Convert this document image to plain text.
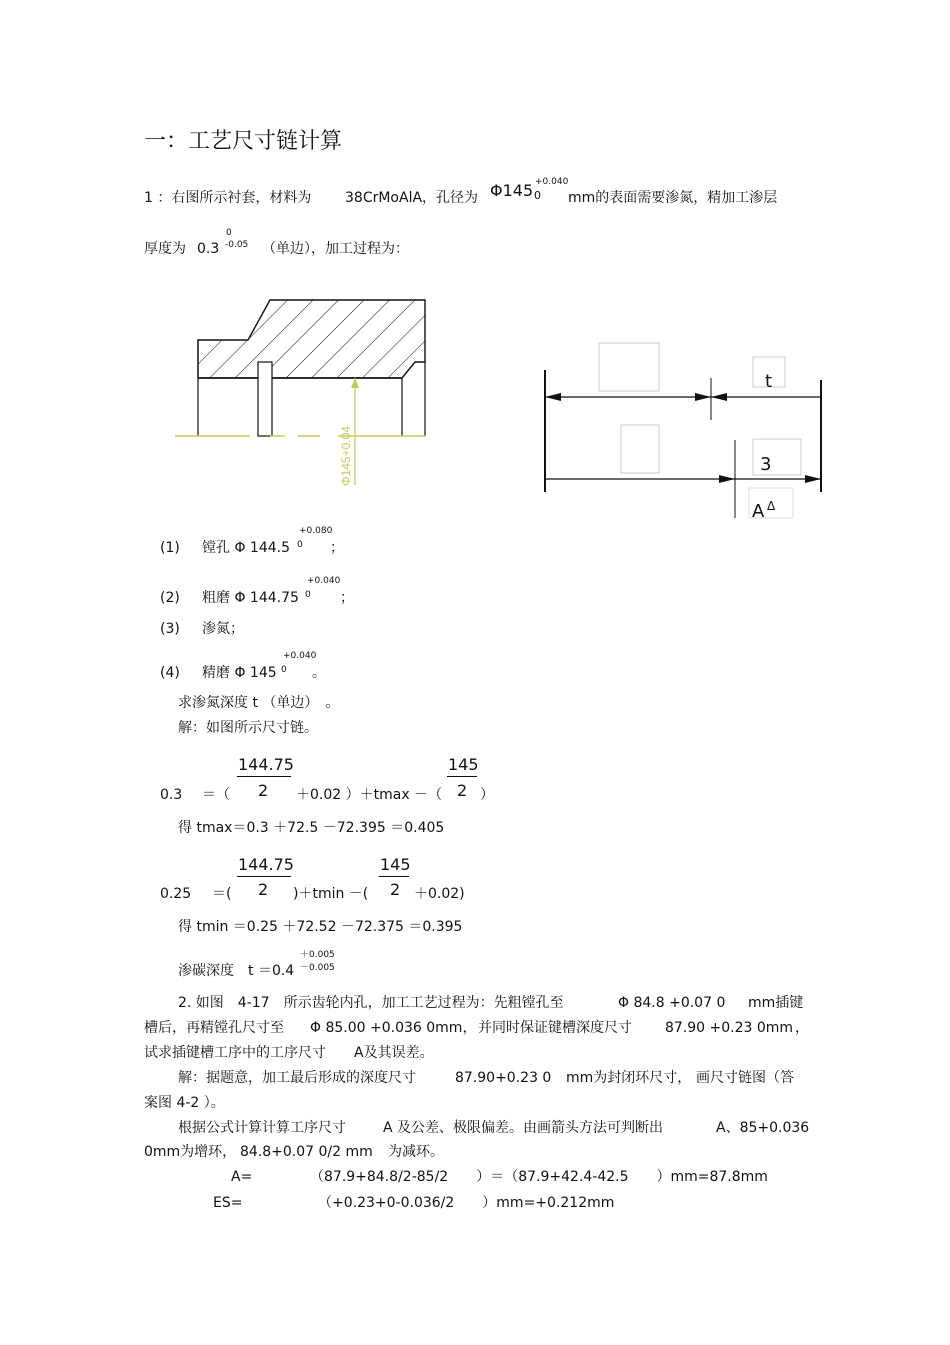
一：工艺尺寸链计算
1 ：右图所示衬套，材料为 38CrMoAlA ，孔径为 Φ145 +0.040
0 mm的表面需要渗氮，精加工渗层
厚度为 0.3
0
-0.05 （单边），加工过程为：
Φ145+0.04
t
3
A Δ
(1) 镗孔 Φ 144.5
+0.080
0 ；
(2) 粗磨 Φ 144.75
+0.040
0 ；
(3) 渗氮；
(4) 精磨 Φ 145
+0.040
0 。
求渗氮深度 t （单边）　。
解：如图所示尺寸链。
144.75
2
145
2
0.3 ＝（	＋0.02 ）＋tmax －（	）
得 tmax＝0.3 ＋72.5 －72.395 ＝0.405
144.75
2
145
2
0.25 ＝(	)＋tmin －(	＋0.02)
得 tmin ＝0.25 ＋72.52 －72.375 ＝0.395
渗碳深度　t ＝0.4
＋0.005
－0.005
2. 如图　4-17　所示齿轮内孔，加工工艺过程为：先粗镗孔至	Φ 84.8 +0.07 0 mm插键
槽后，再精镗孔尺寸至 Φ 85.00 +0.036 0mm， 并同时保证键槽深度尺寸 87.90 +0.23 0mm ，
试求插键槽工序中的工序尺寸　　A及其误差。
解：据题意，加工最后形成的深度尺寸	87.90+0.23 0 mm为封闭环尺寸， 画尺寸链图（答
案图 4-2 ）。
根据公式计算计算工序尺寸	A 及公差、极限偏差。由画箭头方法可判断出	A、85+0.036
0mm为增环， 84.8+0.07 0/2 mm 为减环。
A=	（87.9+84.8/2-85/2　　）＝（87.9+42.4-42.5　　）mm=87.8mm
ES=	（+0.23+0-0.036/2　　）mm=+0.212mm
